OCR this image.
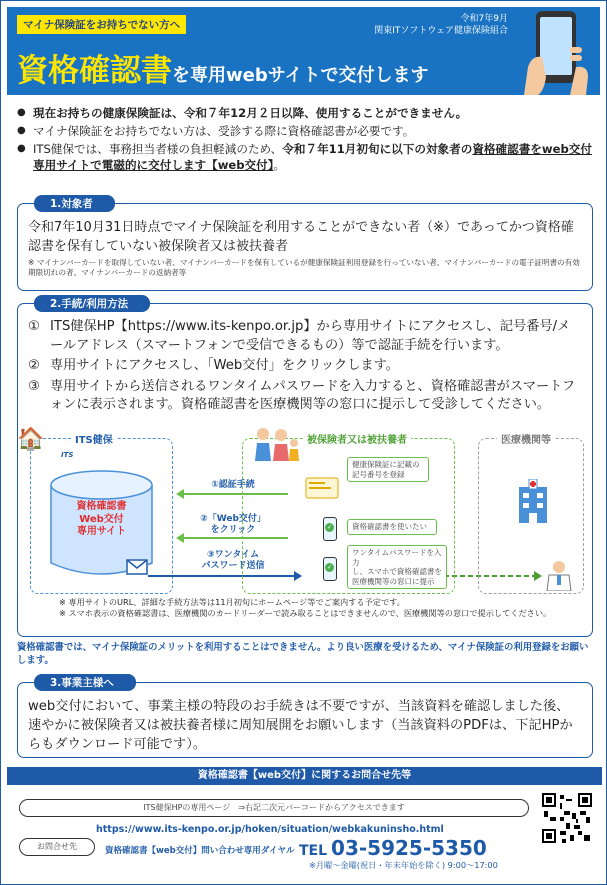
マイナ保険証をお持ちでない方へ	令和7年9月
関東ITソフトウェア健康保険組合
資格確認書を専用webサイトで交付します
● 現在お持ちの健康保険証は、令和７年12月２日以降、使用することができません。
● マイナ保険証をお持ちでない方は、受診する際に資格確認書が必要です。
● ITS健保では、事務担当者様の負担軽減のため、令和７年11月初旬に以下の対象者の資格確認書をweb交付専用サイトで電磁的に交付します【web交付】。
1.対象者
令和7年10月31日時点でマイナ保険証を利用することができない者（※）であってかつ資格確認書を保有していない被保険者又は被扶養者
※ マイナンバーカードを取得していない者、マイナンバーカードを保有しているが健康保険証利用登録を行っていない者、マイナンバーカードの電子証明書の有効期限切れの者、マイナンバーカードの返納者等
2.手続/利用方法
① ITS健保HP【https://www.its-kenpo.or.jp】から専用サイトにアクセスし、記号番号/メールアドレス（スマートフォンで受信できるもの）等で認証手続を行います。
② 専用サイトにアクセスし、「Web交付」をクリックします。
③ 専用サイトから送信されるワンタイムパスワードを入力すると、資格確認書がスマートフォンに表示されます。資格確認書を医療機関等の窓口に提示して受診してください。
🏠	ITS健保
ITS
資格確認書
Web交付
専用サイト
①認証手続
②「Web交付」
をクリック
③ワンタイム
パスワード送信
被保険者又は被扶養者
健康保険証に記載の
記号番号を登録
✓	資格確認書を使いたい
✓
ワンタイムパスワードを入力
し、スマホで資格確認書を
医療機関等の窓口に提示
医療機関等
※ 専用サイトのURL、詳細な手続方法等は11月初旬にホームページ等でご案内する予定です。
※ スマホ表示の資格確認書は、医療機関のカードリーダーで読み取ることはできませんので、医療機関等の窓口で提示してください。
資格確認書では、マイナ保険証のメリットを利用することはできません。より良い医療を受けるため、マイナ保険証の利用登録をお願いします。
3.事業主様へ
web交付において、事業主様の特段のお手続きは不要ですが、当該資料を確認しました後、速やかに被保険者又は被扶養者様に周知展開をお願いします（当該資料のPDFは、下記HPからもダウンロード可能です）。
資格確認書【web交付】に関するお問合せ先等
ITS健保HPの専用ページ　⇒右記二次元バーコードからアクセスできます
https://www.its-kenpo.or.jp/hoken/situation/webkakuninsho.html
お問合せ先	資格確認書【web交付】問い合わせ専用ダイヤル TEL 03-5925-5350
※月曜～金曜(祝日・年末年始を除く) 9:00～17:00
